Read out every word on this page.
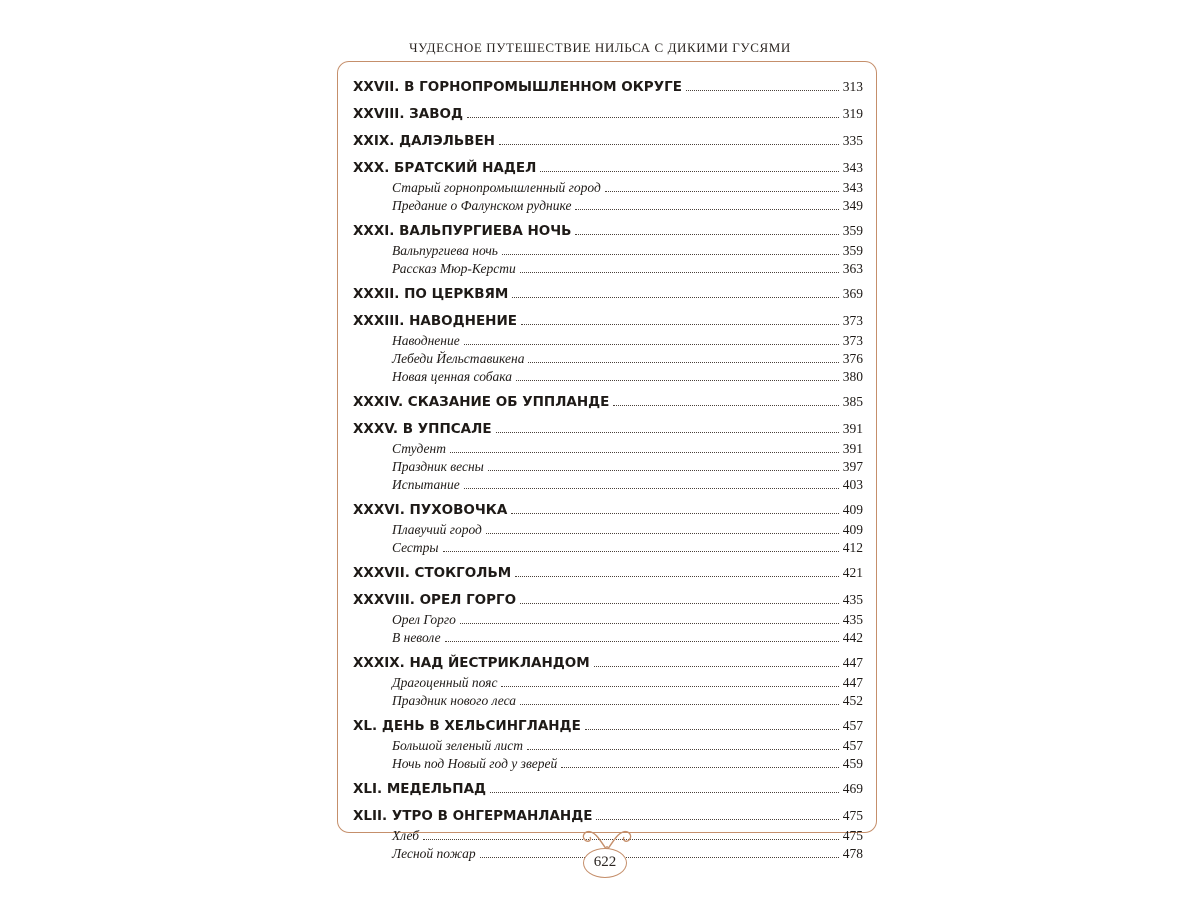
ЧУДЕСНОЕ ПУТЕШЕСТВИЕ НИЛЬСА С ДИКИМИ ГУСЯМИ
XXVII. В ГОРНОПРОМЫШЛЕННОМ ОКРУГЕ	313
XXVIII. ЗАВОД	319
XXIX. ДАЛЭЛЬВЕН	335
XXX. БРАТСКИЙ НАДЕЛ	343
Старый горнопромышленный город	343
Предание о Фалунском руднике	349
XXXI. ВАЛЬПУРГИЕВА НОЧЬ	359
Вальпургиева ночь	359
Рассказ Мюр-Керсти	363
XXXII. ПО ЦЕРКВЯМ	369
XXXIII. НАВОДНЕНИЕ	373
Наводнение	373
Лебеди Йельставикена	376
Новая ценная собака	380
XXXIV. СКАЗАНИЕ ОБ УППЛАНДЕ	385
XXXV. В УППСАЛЕ	391
Студент	391
Праздник весны	397
Испытание	403
XXXVI. ПУХОВОЧКА	409
Плавучий город	409
Сестры	412
XXXVII. СТОКГОЛЬМ	421
XXXVIII. ОРЕЛ ГОРГО	435
Орел Горго	435
В неволе	442
XXXIX. НАД ЙЕСТРИКЛАНДОМ	447
Драгоценный пояс	447
Праздник нового леса	452
XL. ДЕНЬ В ХЕЛЬСИНГЛАНДЕ	457
Большой зеленый лист	457
Ночь под Новый год у зверей	459
XLI. МЕДЕЛЬПАД	469
XLII. УТРО В ОНГЕРМАНЛАНДЕ	475
Хлеб	475
Лесной пожар	478
622
